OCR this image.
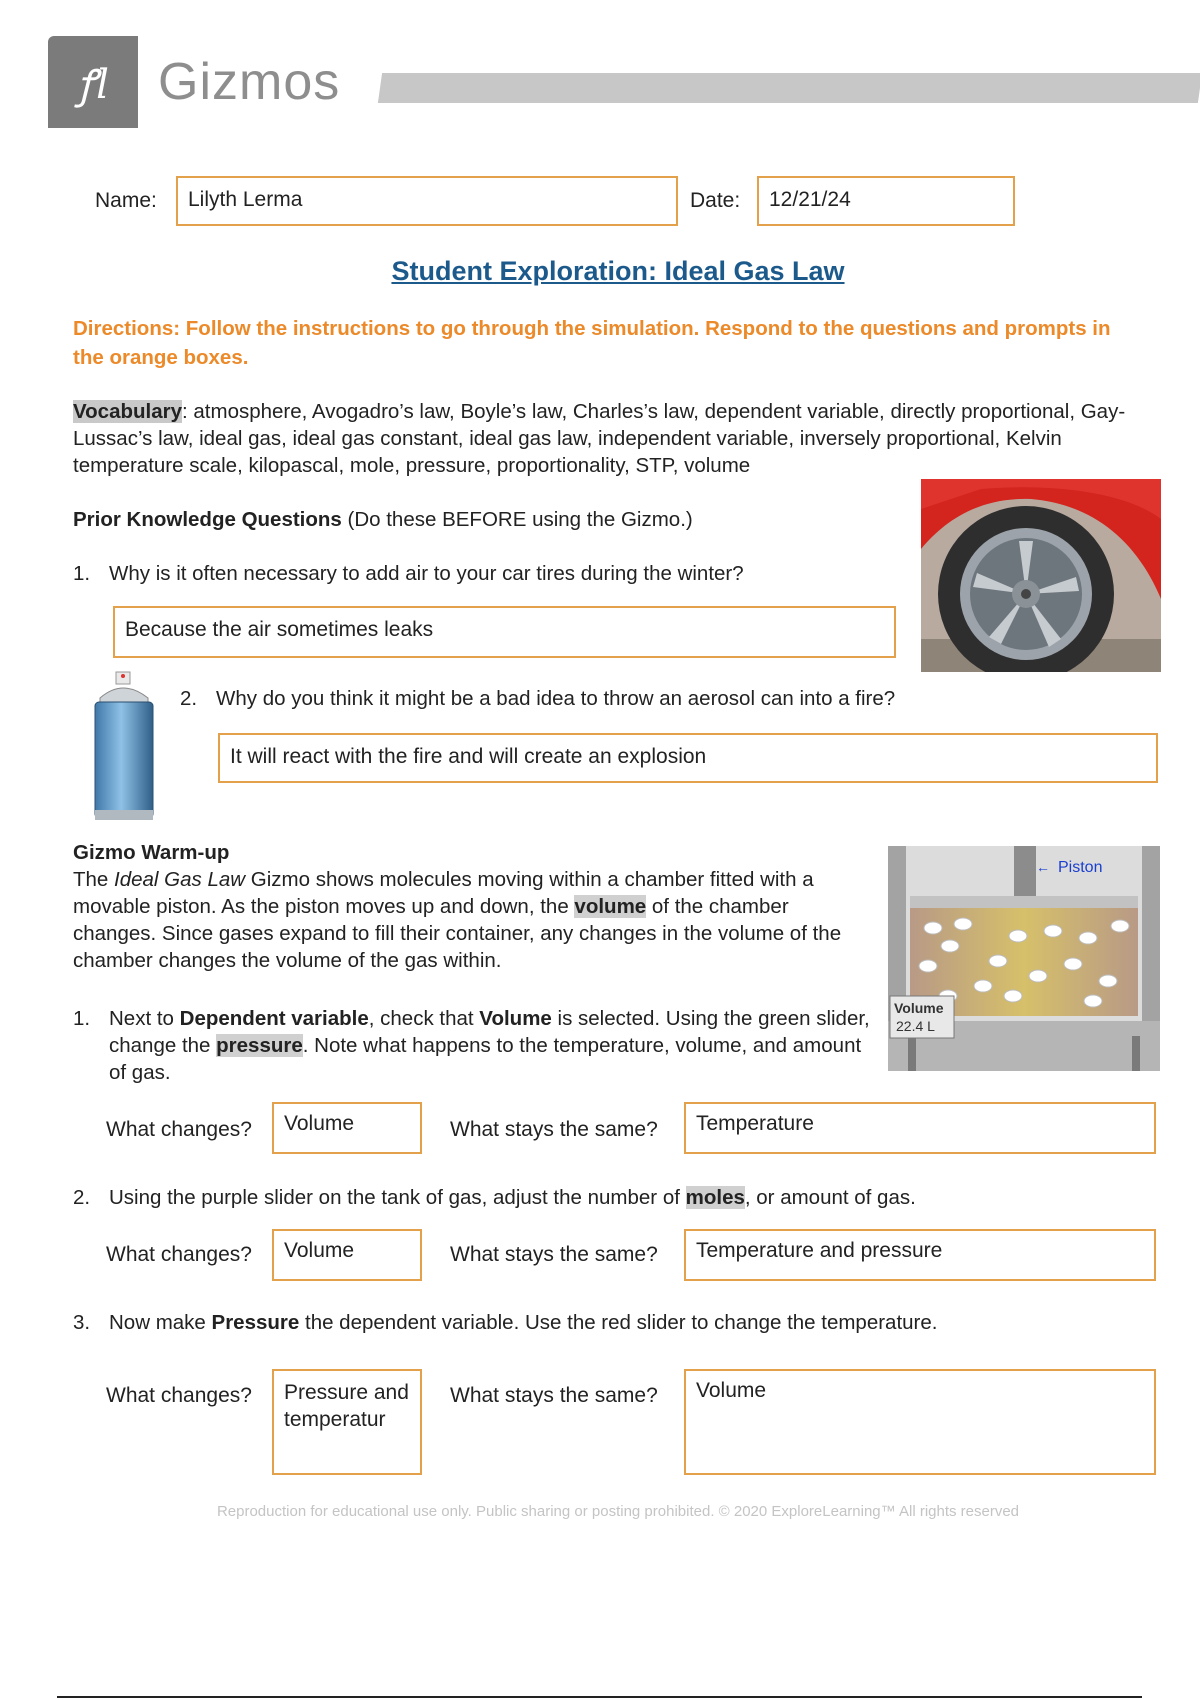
ꝭl Gizmos
Name:	Lilyth Lerma	Date:	12/21/24
Student Exploration: Ideal Gas Law
Directions: Follow the instructions to go through the simulation. Respond to the questions and prompts in the orange boxes.
Vocabulary: atmosphere, Avogadro’s law, Boyle’s law, Charles’s law, dependent variable, directly proportional, Gay-Lussac’s law, ideal gas, ideal gas constant, ideal gas law, independent variable, inversely proportional, Kelvin temperature scale, kilopascal, mole, pressure, proportionality, STP, volume
Prior Knowledge Questions (Do these BEFORE using the Gizmo.)
1. Why is it often necessary to add air to your car tires during the winter?
Because the air sometimes leaks
2. Why do you think it might be a bad idea to throw an aerosol can into a fire?
It will react with the fire and will create an explosion
Gizmo Warm-up
The Ideal Gas Law Gizmo shows molecules moving within a chamber fitted with a movable piston. As the piston moves up and down, the volume of the chamber changes. Since gases expand to fill their container, any changes in the volume of the chamber changes the volume of the gas within.
← Piston
Volume
22.4 L
1. Next to Dependent variable, check that Volume is selected. Using the green slider, change the pressure. Note what happens to the temperature, volume, and amount of gas.
What changes?	Volume	What stays the same?	Temperature
2. Using the purple slider on the tank of gas, adjust the number of moles, or amount of gas.
What changes?	Volume	What stays the same?	Temperature and pressure
3. Now make Pressure the dependent variable. Use the red slider to change the temperature.
What changes?	Pressure and temperatur
What stays the same?	Volume
Reproduction for educational use only. Public sharing or posting prohibited. © 2020 ExploreLearning™ All rights reserved
